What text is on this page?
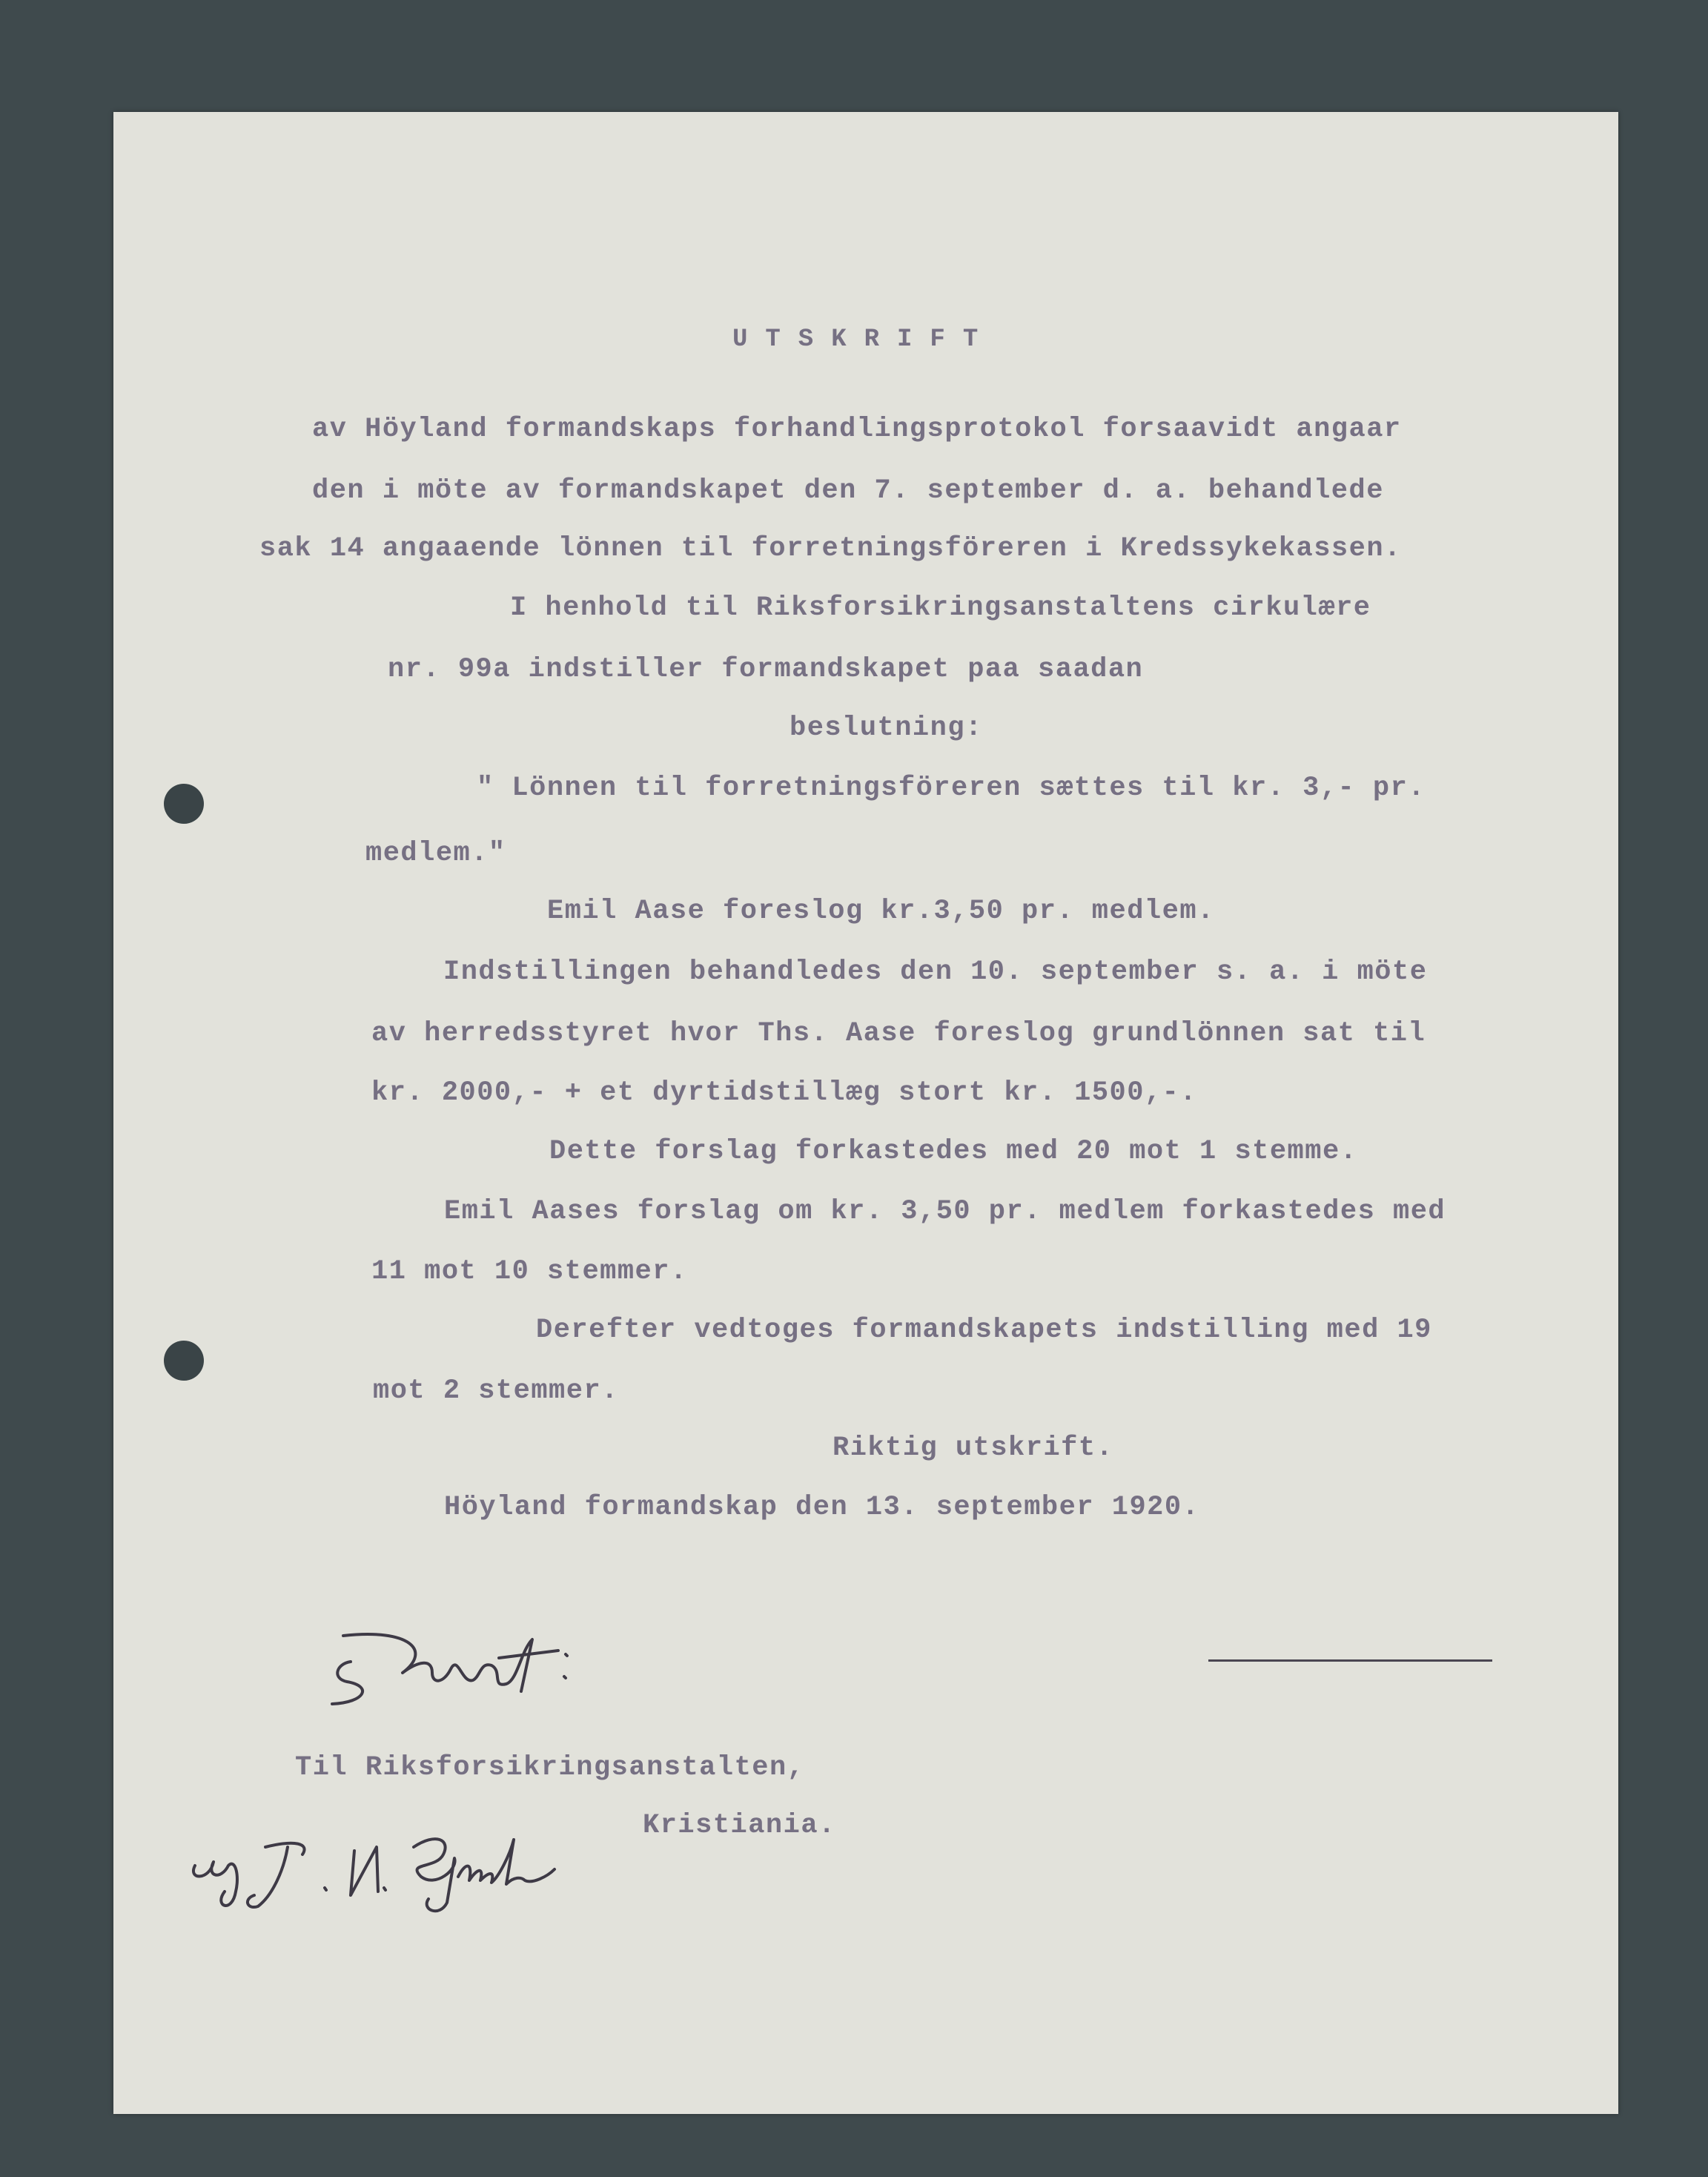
UTSKRIFT
av Höyland formandskaps forhandlingsprotokol forsaavidt angaar
den i möte av formandskapet den 7. september d. a. behandlede
sak 14 angaaende lönnen til forretningsföreren i Kredssykekassen.
I henhold til Riksforsikringsanstaltens cirkulære
nr. 99a indstiller formandskapet paa saadan
beslutning:
" Lönnen til forretningsföreren sættes til kr. 3,- pr.
medlem."
Emil Aase foreslog kr.3,50 pr. medlem.
Indstillingen behandledes den 10. september s. a. i möte
av herredsstyret hvor Ths. Aase foreslog grundlönnen sat til
kr. 2000,- + et dyrtidstillæg stort kr. 1500,-.
Dette forslag forkastedes med 20 mot 1 stemme.
Emil Aases forslag om kr. 3,50 pr. medlem forkastedes med
11 mot 10 stemmer.
Derefter vedtoges formandskapets indstilling med 19
mot 2 stemmer.
Riktig utskrift.
Höyland formandskap den 13. september 1920.
Til Riksforsikringsanstalten,
Kristiania.
